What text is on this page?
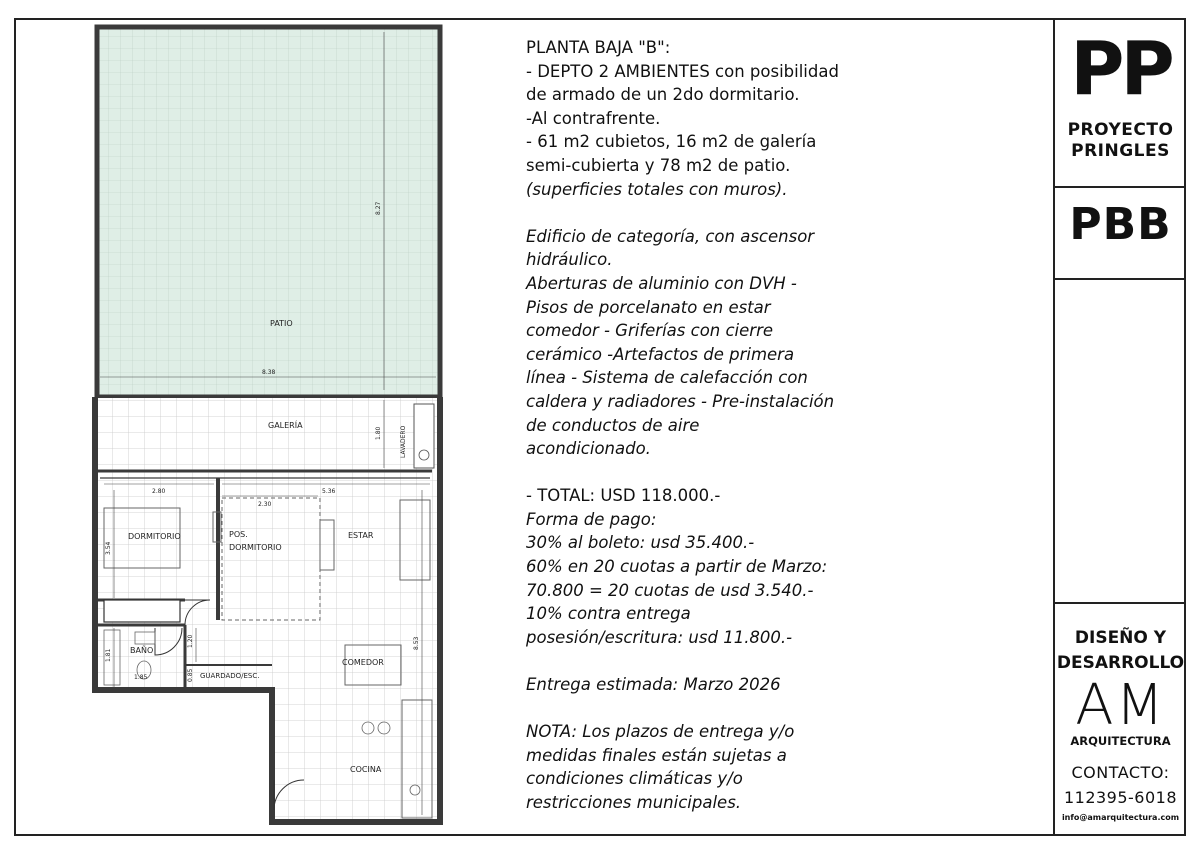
PATIO
GALERÍA
LAVADERO
DORMITORIO	POS.
DORMITORIO
ESTAR
BAÑO
COMEDOR
GUARDADO/ESC.
COCINA
8.27
8.38
1.80
2.80
2.30
5.36
3.54
1.81
1.85
1.20
0.85
8.53
PLANTA BAJA "B":
- DEPTO 2 AMBIENTES con posibilidad
de armado de un 2do dormitario.
-Al contrafrente.
- 61 m2 cubietos, 16 m2 de galería
semi-cubierta y 78 m2 de patio.
(superficies totales con muros).
Edificio de categoría, con ascensor
hidráulico.
Aberturas de aluminio con DVH -
Pisos de porcelanato en estar
comedor - Griferías con cierre
cerámico -Artefactos de primera
línea - Sistema de calefacción con
caldera y radiadores - Pre-instalación
de conductos de aire
acondicionado.
- TOTAL: USD 118.000.-
Forma de pago:
30% al boleto: usd 35.400.-
60% en 20 cuotas a partir de Marzo:
70.800 = 20 cuotas de usd 3.540.-
10% contra entrega
posesión/escritura: usd 11.800.-
Entrega estimada: Marzo 2026
NOTA: Los plazos de entrega y/o
medidas finales están sujetas a
condiciones climáticas y/o
restricciones municipales.
PP
PROYECTO
PRINGLES
PBB
DISEÑO Y
DESARROLLO
AM
ARQUITECTURA
CONTACTO:
112395-6018
info@amarquitectura.com
